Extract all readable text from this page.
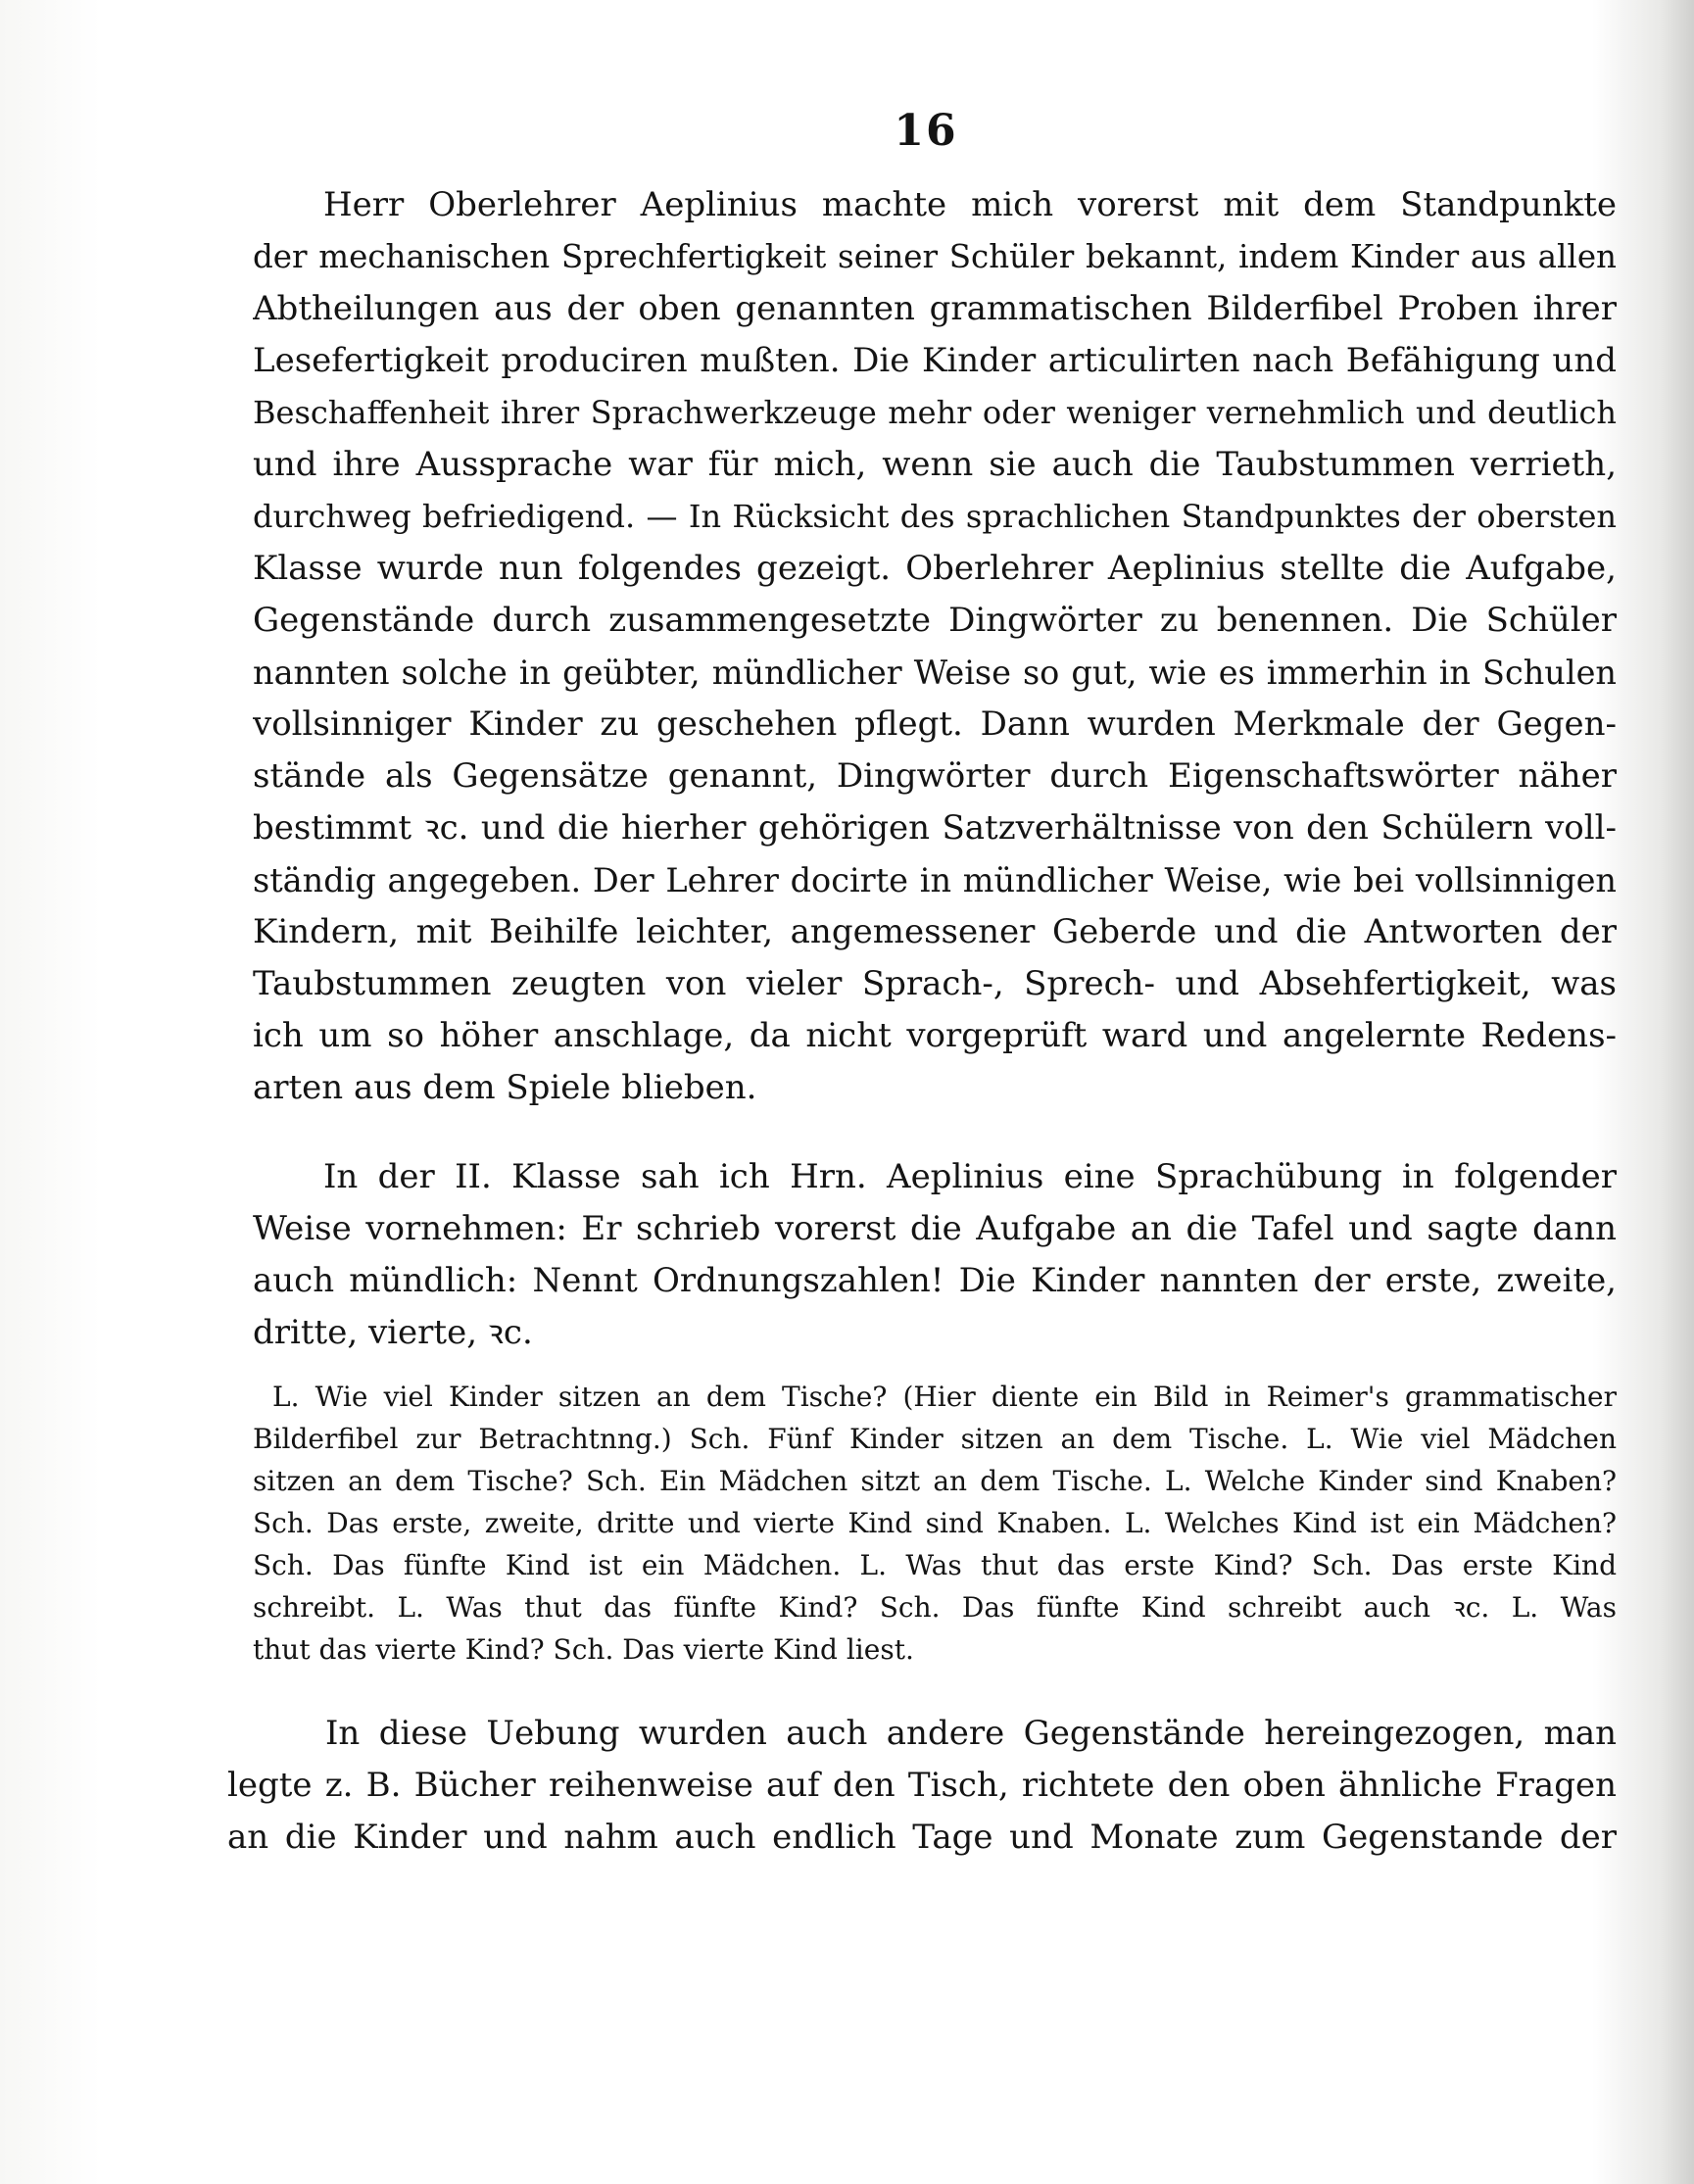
16
Herr Oberlehrer Aeplinius machte mich vorerst mit dem Standpunkte
der mechanischen Sprechfertigkeit seiner Schüler bekannt, indem Kinder aus allen
Abtheilungen aus der oben genannten grammatischen Bilderfibel Proben ihrer
Lesefertigkeit produciren mußten. Die Kinder articulirten nach Befähigung und
Beschaffenheit ihrer Sprachwerkzeuge mehr oder weniger vernehmlich und deutlich
und ihre Aussprache war für mich, wenn sie auch die Taubstummen verrieth,
durchweg befriedigend. — In Rücksicht des sprachlichen Standpunktes der obersten
Klasse wurde nun folgendes gezeigt. Oberlehrer Aeplinius stellte die Aufgabe,
Gegenstände durch zusammengesetzte Dingwörter zu benennen. Die Schüler
nannten solche in geübter, mündlicher Weise so gut, wie es immerhin in Schulen
vollsinniger Kinder zu geschehen pflegt. Dann wurden Merkmale der Gegen-
stände als Gegensätze genannt, Dingwörter durch Eigenschaftswörter näher
bestimmt ꝛc. und die hierher gehörigen Satzverhältnisse von den Schülern voll-
ständig angegeben. Der Lehrer docirte in mündlicher Weise, wie bei vollsinnigen
Kindern, mit Beihilfe leichter, angemessener Geberde und die Antworten der
Taubstummen zeugten von vieler Sprach-, Sprech- und Absehfertigkeit, was
ich um so höher anschlage, da nicht vorgeprüft ward und angelernte Redens-
arten aus dem Spiele blieben.
In der II. Klasse sah ich Hrn. Aeplinius eine Sprachübung in folgender
Weise vornehmen: Er schrieb vorerst die Aufgabe an die Tafel und sagte dann
auch mündlich: Nennt Ordnungszahlen! Die Kinder nannten der erste, zweite,
dritte, vierte, ꝛc.
L. Wie viel Kinder sitzen an dem Tische? (Hier diente ein Bild in Reimer's grammatischer
Bilderfibel zur Betrachtnng.) Sch. Fünf Kinder sitzen an dem Tische. L. Wie viel Mädchen
sitzen an dem Tische? Sch. Ein Mädchen sitzt an dem Tische. L. Welche Kinder sind Knaben?
Sch. Das erste, zweite, dritte und vierte Kind sind Knaben. L. Welches Kind ist ein Mädchen?
Sch. Das fünfte Kind ist ein Mädchen. L. Was thut das erste Kind? Sch. Das erste Kind
schreibt. L. Was thut das fünfte Kind? Sch. Das fünfte Kind schreibt auch ꝛc. L. Was
thut das vierte Kind? Sch. Das vierte Kind liest.
In diese Uebung wurden auch andere Gegenstände hereingezogen, man
legte z. B. Bücher reihenweise auf den Tisch, richtete den oben ähnliche Fragen
an die Kinder und nahm auch endlich Tage und Monate zum Gegenstande der
